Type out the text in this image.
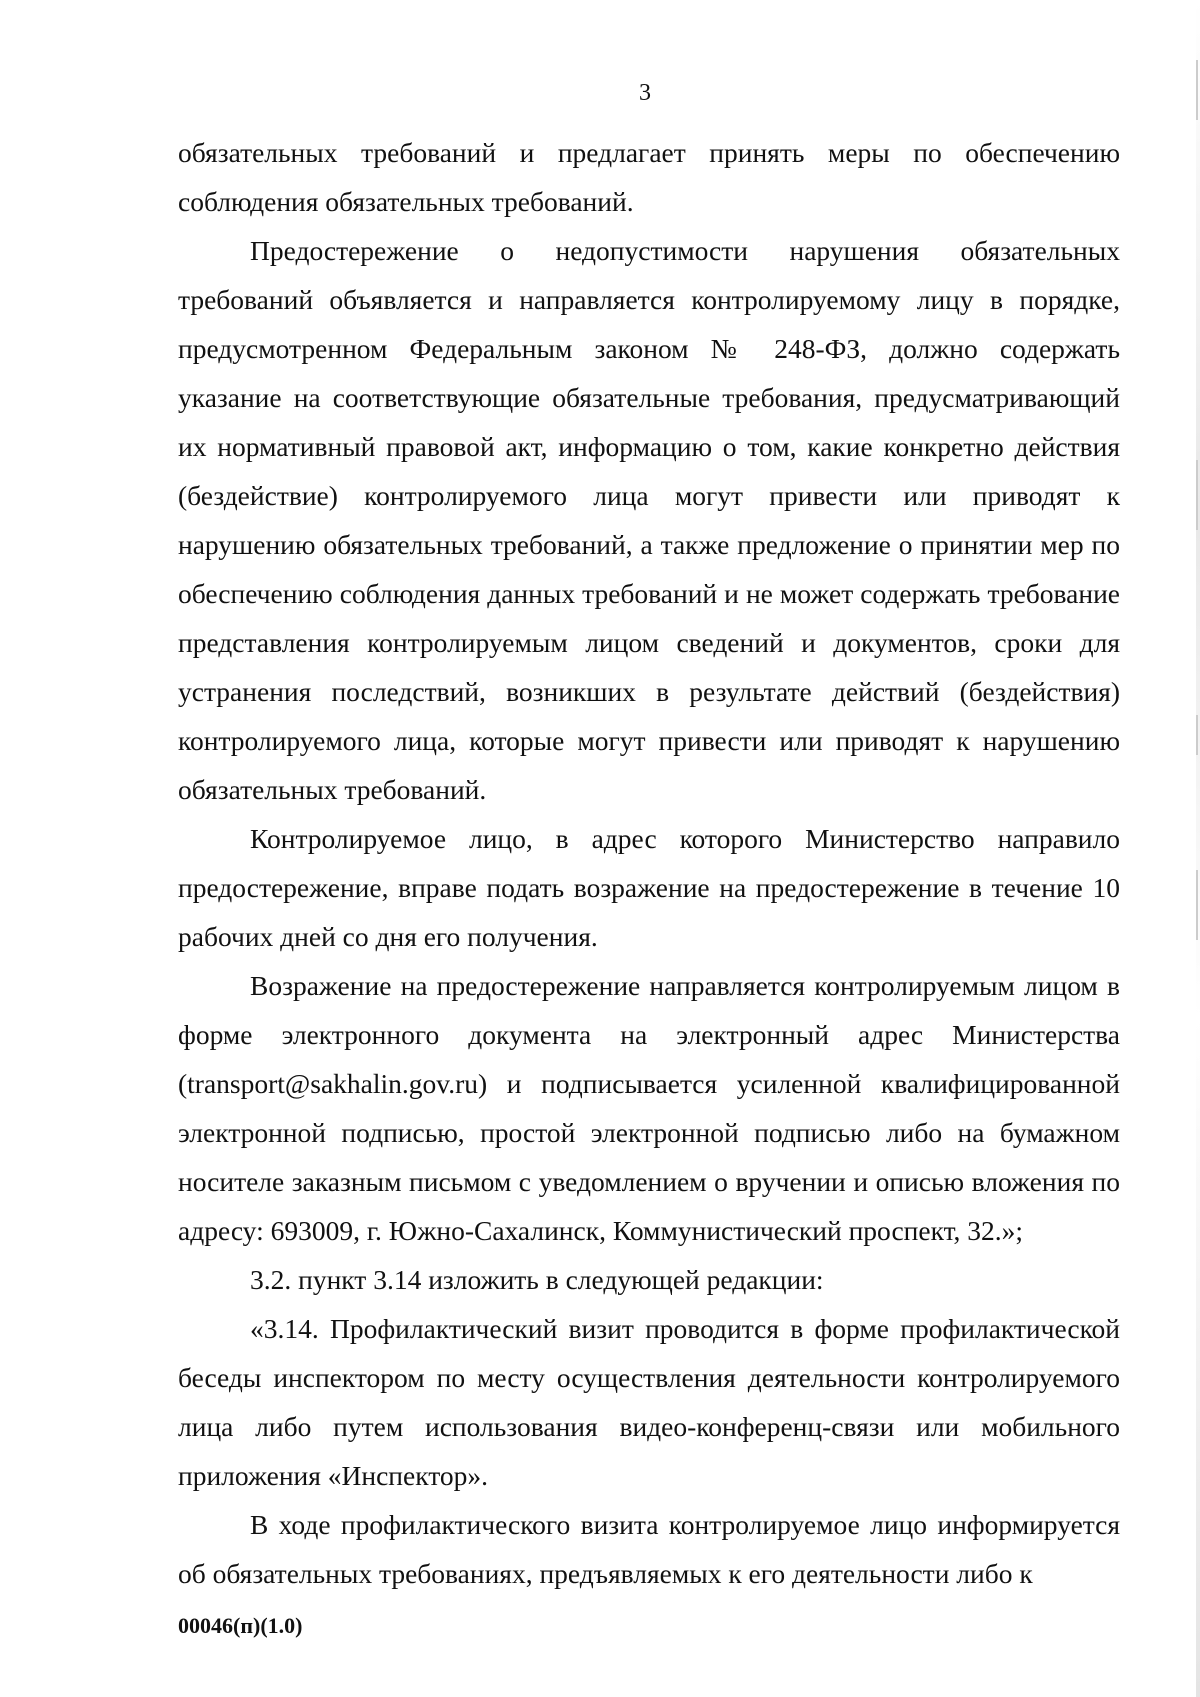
3

обязательных требований и предлагает принять меры по обеспечению соблюдения обязательных требований.

Предостережение о недопустимости нарушения обязательных требований объявляется и направляется контролируемому лицу в порядке, предусмотренном Федеральным законом № 248-ФЗ, должно содержать указание на соответствующие обязательные требования, предусматривающий их нормативный правовой акт, информацию о том, какие конкретно действия (бездействие) контролируемого лица могут привести или приводят к нарушению обязательных требований, а также предложение о принятии мер по обеспечению соблюдения данных требований и не может содержать требование представления контролируемым лицом сведений и документов, сроки для устранения последствий, возникших в результате действий (бездействия) контролируемого лица, которые могут привести или приводят к нарушению обязательных требований.

Контролируемое лицо, в адрес которого Министерство направило предостережение, вправе подать возражение на предостережение в течение 10 рабочих дней со дня его получения.

Возражение на предостережение направляется контролируемым лицом в форме электронного документа на электронный адрес Министерства (transport@sakhalin.gov.ru) и подписывается усиленной квалифицированной электронной подписью, простой электронной подписью либо на бумажном носителе заказным письмом с уведомлением о вручении и описью вложения по адресу: 693009, г. Южно-Сахалинск, Коммунистический проспект, 32.»;

3.2. пункт 3.14 изложить в следующей редакции:

«3.14. Профилактический визит проводится в форме профилактической беседы инспектором по месту осуществления деятельности контролируемого лица либо путем использования видео-конференц-связи или мобильного приложения «Инспектор».

В ходе профилактического визита контролируемое лицо информируется об обязательных требованиях, предъявляемых к его деятельности либо к

00046(п)(1.0)
